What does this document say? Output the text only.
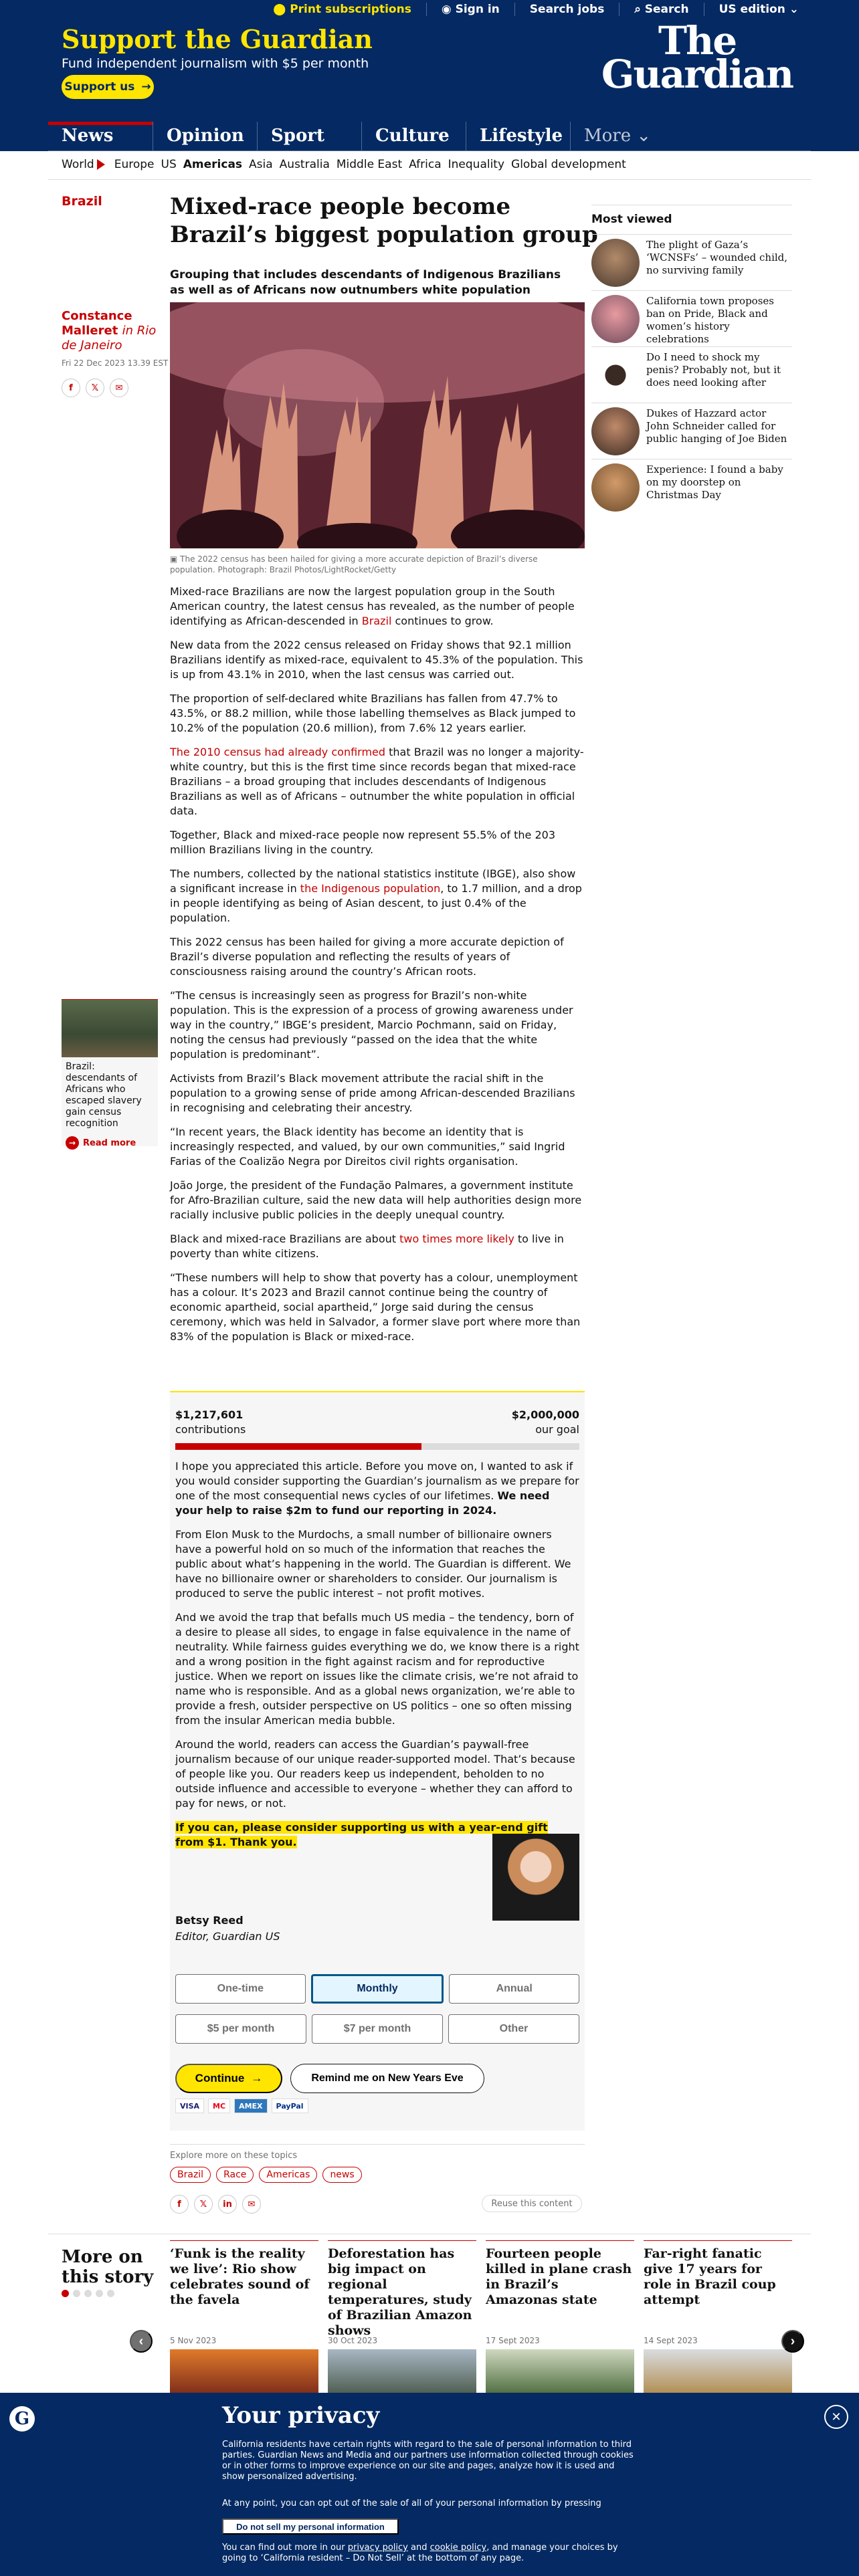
⬤ Print subscriptions	◉ Sign in	Search jobs	⌕ Search	US edition ⌄
Support the Guardian
Fund independent journalism with $5 per month
Support us →
The
Guardian
News	Opinion	Sport	Culture	Lifestyle	More ⌄
World	Europe US Americas Asia Australia Middle East Africa Inequality Global development
Brazil
Constance Malleret in Rio de Janeiro
Fri 22 Dec 2023 13.39 EST
f	𝕏	✉
Mixed-race people become Brazil’s biggest population group

Grouping that includes descendants of Indigenous Brazilians as well as of Africans now outnumbers white population

▣ The 2022 census has been hailed for giving a more accurate depiction of Brazil’s diverse population. Photograph: Brazil Photos/LightRocket/Getty

Mixed-race Brazilians are now the largest population group in the South American country, the latest census has revealed, as the number of people identifying as African-descended in Brazil continues to grow.

New data from the 2022 census released on Friday shows that 92.1 million Brazilians identify as mixed-race, equivalent to 45.3% of the population. This is up from 43.1% in 2010, when the last census was carried out.

The proportion of self-declared white Brazilians has fallen from 47.7% to 43.5%, or 88.2 million, while those labelling themselves as Black jumped to 10.2% of the population (20.6 million), from 7.6% 12 years earlier.

The 2010 census had already confirmed that Brazil was no longer a majority-white country, but this is the first time since records began that mixed-race Brazilians – a broad grouping that includes descendants of Indigenous Brazilians as well as of Africans – outnumber the white population in official data.

Together, Black and mixed-race people now represent 55.5% of the 203 million Brazilians living in the country.

The numbers, collected by the national statistics institute (IBGE), also show a significant increase in the Indigenous population, to 1.7 million, and a drop in people identifying as being of Asian descent, to just 0.4% of the population.

This 2022 census has been hailed for giving a more accurate depiction of Brazil’s diverse population and reflecting the results of years of consciousness raising around the country’s African roots.

“The census is increasingly seen as progress for Brazil’s non-white population. This is the expression of a process of growing awareness under way in the country,” IBGE’s president, Marcio Pochmann, said on Friday, noting the census had previously “passed on the idea that the white population is predominant”.

Activists from Brazil’s Black movement attribute the racial shift in the population to a growing sense of pride among African-descended Brazilians in recognising and celebrating their ancestry.

“In recent years, the Black identity has become an identity that is increasingly respected, and valued, by our own communities,” said Ingrid Farias of the Coalizão Negra por Direitos civil rights organisation.

João Jorge, the president of the Fundação Palmares, a government institute for Afro-Brazilian culture, said the new data will help authorities design more racially inclusive public policies in the deeply unequal country.

Black and mixed-race Brazilians are about two times more likely to live in poverty than white citizens.

“These numbers will help to show that poverty has a colour, unemployment has a colour. It’s 2023 and Brazil cannot continue being the country of economic apartheid, social apartheid,” Jorge said during the census ceremony, which was held in Salvador, a former slave port where more than 83% of the population is Black or mixed-race.

Brazil: descendants of Africans who escaped slavery gain census recognition
→ Read more
Most viewed
The plight of Gaza’s ‘WCNSFs’ – wounded child, no surviving family
California town proposes ban on Pride, Black and women’s history celebrations
Do I need to shock my penis? Probably not, but it does need looking after
Dukes of Hazzard actor John Schneider called for public hanging of Joe Biden
Experience: I found a baby on my doorstep on Christmas Day
$1,217,601
contributions
$2,000,000
our goal

I hope you appreciated this article. Before you move on, I wanted to ask if you would consider supporting the Guardian’s journalism as we prepare for one of the most consequential news cycles of our lifetimes. We need your help to raise $2m to fund our reporting in 2024.

From Elon Musk to the Murdochs, a small number of billionaire owners have a powerful hold on so much of the information that reaches the public about what’s happening in the world. The Guardian is different. We have no billionaire owner or shareholders to consider. Our journalism is produced to serve the public interest – not profit motives.

And we avoid the trap that befalls much US media – the tendency, born of a desire to please all sides, to engage in false equivalence in the name of neutrality. While fairness guides everything we do, we know there is a right and a wrong position in the fight against racism and for reproductive justice. When we report on issues like the climate crisis, we’re not afraid to name who is responsible. And as a global news organization, we’re able to provide a fresh, outsider perspective on US politics – one so often missing from the insular American media bubble.

Around the world, readers can access the Guardian’s paywall-free journalism because of our unique reader-supported model. That’s because of people like you. Our readers keep us independent, beholden to no outside influence and accessible to everyone – whether they can afford to pay for news, or not.

If you can, please consider supporting us with a year-end gift from $1. Thank you.

Betsy Reed
Editor, Guardian US
One-time	Monthly	Annual
$5 per month	$7 per month	Other
Continue →	Remind me on New Years Eve
VISA	MC	AMEX	PayPal
Explore more on these topics
Brazil	Race	Americas	news
f	𝕏	in	✉	Reuse this content
More on this story
‘Funk is the reality we live’: Rio show celebrates sound of the favela
5 Nov 2023
Deforestation has big impact on regional temperatures, study of Brazilian Amazon shows
30 Oct 2023
Fourteen people killed in plane crash in Brazil’s Amazonas state
17 Sept 2023
Far-right fanatic give 17 years for role in Brazil coup attempt
14 Sept 2023
‹	›
G	Your privacy	✕

California residents have certain rights with regard to the sale of personal information to third parties. Guardian News and Media and our partners use information collected through cookies or in other forms to improve experience on our site and pages, analyze how it is used and show personalized advertising.

At any point, you can opt out of the sale of all of your personal information by pressing

Do not sell my personal information

You can find out more in our privacy policy and cookie policy, and manage your choices by going to ‘California resident – Do Not Sell’ at the bottom of any page.
